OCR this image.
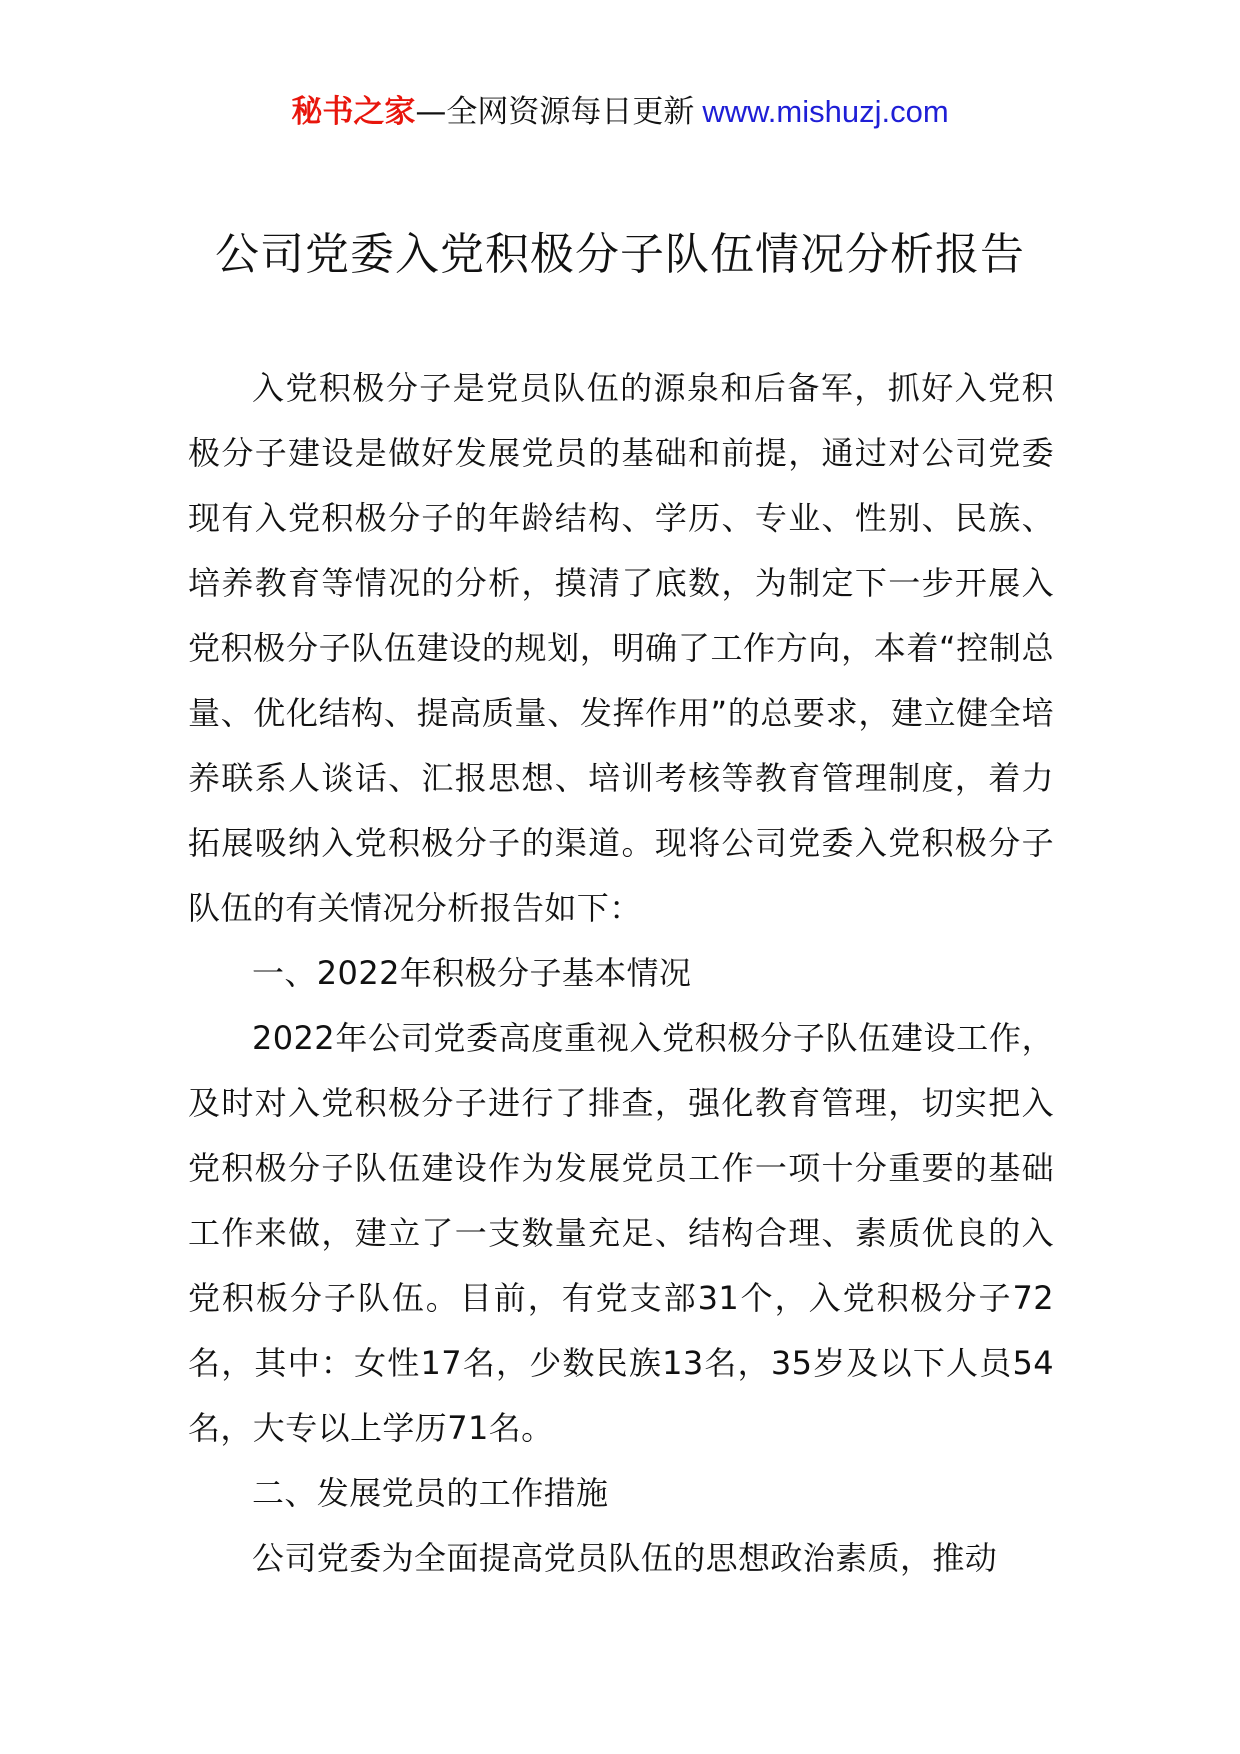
秘书之家—全网资源每日更新 www.mishuzj.com
公司党委入党积极分子队伍情况分析报告

入党积极分子是党员队伍的源泉和后备军，抓好入党积极分子建设是做好发展党员的基础和前提，通过对公司党委现有入党积极分子的年龄结构、学历、专业、性别、民族、培养教育等情况的分析，摸清了底数，为制定下一步开展入党积极分子队伍建设的规划，明确了工作方向，本着“控制总量、优化结构、提高质量、发挥作用”的总要求，建立健全培养联系人谈话、汇报思想、培训考核等教育管理制度，着力拓展吸纳入党积极分子的渠道。现将公司党委入党积极分子队伍的有关情况分析报告如下：

一、2022年积极分子基本情况

2022年公司党委高度重视入党积极分子队伍建设工作，及时对入党积极分子进行了排查，强化教育管理，切实把入党积极分子队伍建设作为发展党员工作一项十分重要的基础工作来做，建立了一支数量充足、结构合理、素质优良的入党积板分子队伍。目前，有党支部31个，入党积极分子72名，其中：女性17名，少数民族13名，35岁及以下人员54名，大专以上学历71名。

二、发展党员的工作措施

公司党委为全面提高党员队伍的思想政治素质，推动
